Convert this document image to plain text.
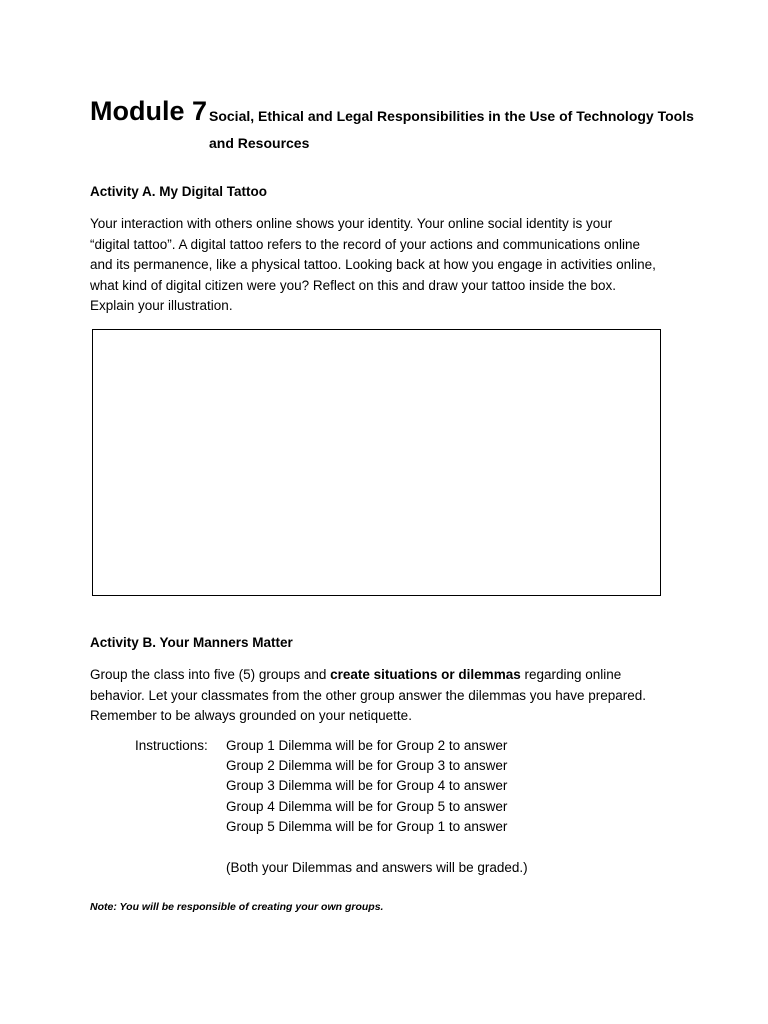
Module 7 Social, Ethical and Legal Responsibilities in the Use of Technology Tools and Resources
Activity A. My Digital Tattoo
Your interaction with others online shows your identity. Your online social identity is your
“digital tattoo”. A digital tattoo refers to the record of your actions and communications online
and its permanence, like a physical tattoo. Looking back at how you engage in activities online,
what kind of digital citizen were you? Reflect on this and draw your tattoo inside the box.
Explain your illustration.
Activity B. Your Manners Matter
Group the class into five (5) groups and create situations or dilemmas regarding online
behavior. Let your classmates from the other group answer the dilemmas you have prepared.
Remember to be always grounded on your netiquette.
Instructions: Group 1 Dilemma will be for Group 2 to answer
Group 2 Dilemma will be for Group 3 to answer
Group 3 Dilemma will be for Group 4 to answer
Group 4 Dilemma will be for Group 5 to answer
Group 5 Dilemma will be for Group 1 to answer
(Both your Dilemmas and answers will be graded.)
Note: You will be responsible of creating your own groups.
